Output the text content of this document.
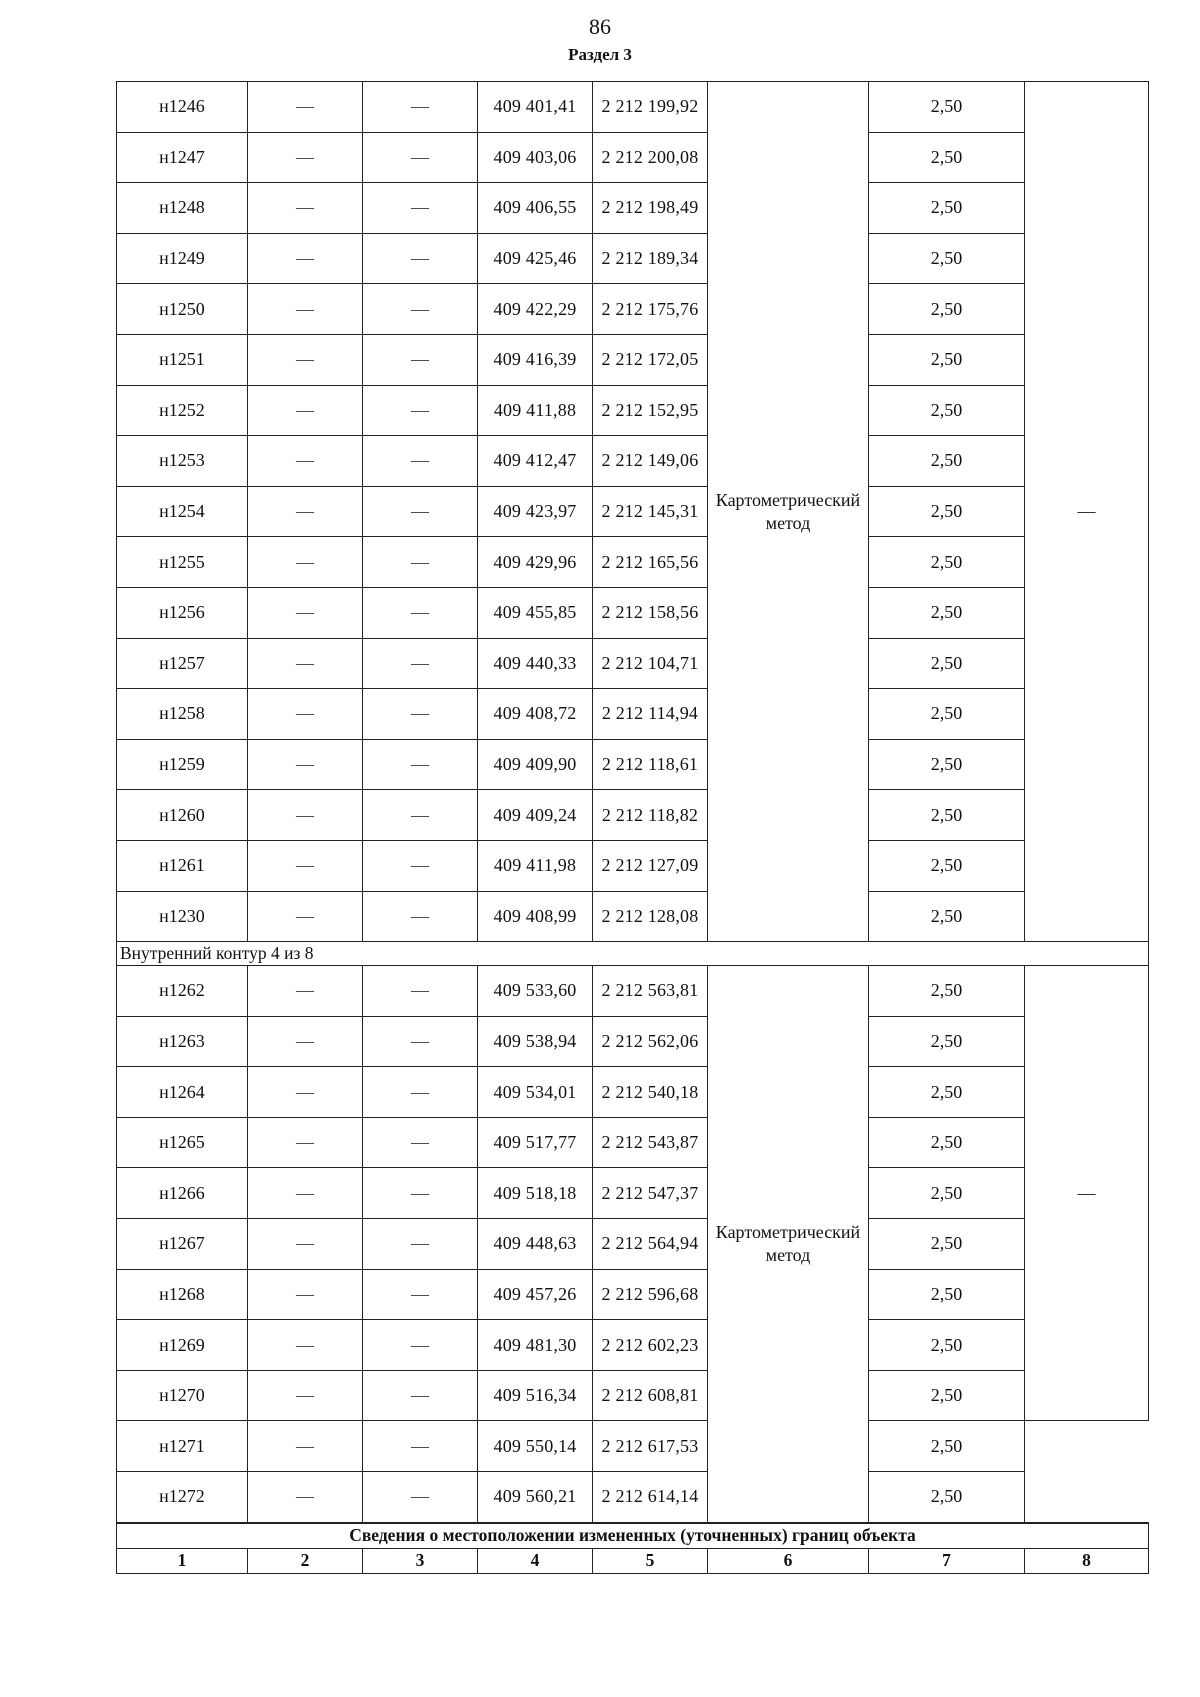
86
Раздел 3
н1246	—	—	409 401,41	2 212 199,92	Картометрический метод	2,50	—
н1247	—	—	409 403,06	2 212 200,08		2,50	
н1248	—	—	409 406,55	2 212 198,49		2,50	
н1249	—	—	409 425,46	2 212 189,34		2,50	
н1250	—	—	409 422,29	2 212 175,76		2,50	
н1251	—	—	409 416,39	2 212 172,05		2,50	
н1252	—	—	409 411,88	2 212 152,95		2,50	
н1253	—	—	409 412,47	2 212 149,06		2,50	
н1254	—	—	409 423,97	2 212 145,31		2,50	
н1255	—	—	409 429,96	2 212 165,56		2,50	
н1256	—	—	409 455,85	2 212 158,56		2,50	
н1257	—	—	409 440,33	2 212 104,71		2,50	
н1258	—	—	409 408,72	2 212 114,94		2,50	
н1259	—	—	409 409,90	2 212 118,61		2,50	
н1260	—	—	409 409,24	2 212 118,82		2,50	
н1261	—	—	409 411,98	2 212 127,09		2,50	
н1230	—	—	409 408,99	2 212 128,08		2,50	
Внутренний контур 4 из 8							
н1262	—	—	409 533,60	2 212 563,81	Картометрический метод	2,50	—
н1263	—	—	409 538,94	2 212 562,06		2,50	
н1264	—	—	409 534,01	2 212 540,18		2,50	
н1265	—	—	409 517,77	2 212 543,87		2,50	
н1266	—	—	409 518,18	2 212 547,37		2,50	
н1267	—	—	409 448,63	2 212 564,94		2,50	
н1268	—	—	409 457,26	2 212 596,68		2,50	
н1269	—	—	409 481,30	2 212 602,23		2,50	
н1270	—	—	409 516,34	2 212 608,81		2,50	
н1271	—	—	409 550,14	2 212 617,53		2,50	
н1272	—	—	409 560,21	2 212 614,14		2,50	
Сведения о местоположении измененных (уточненных) границ объекта							
1	2	3	4	5	6	7	8
